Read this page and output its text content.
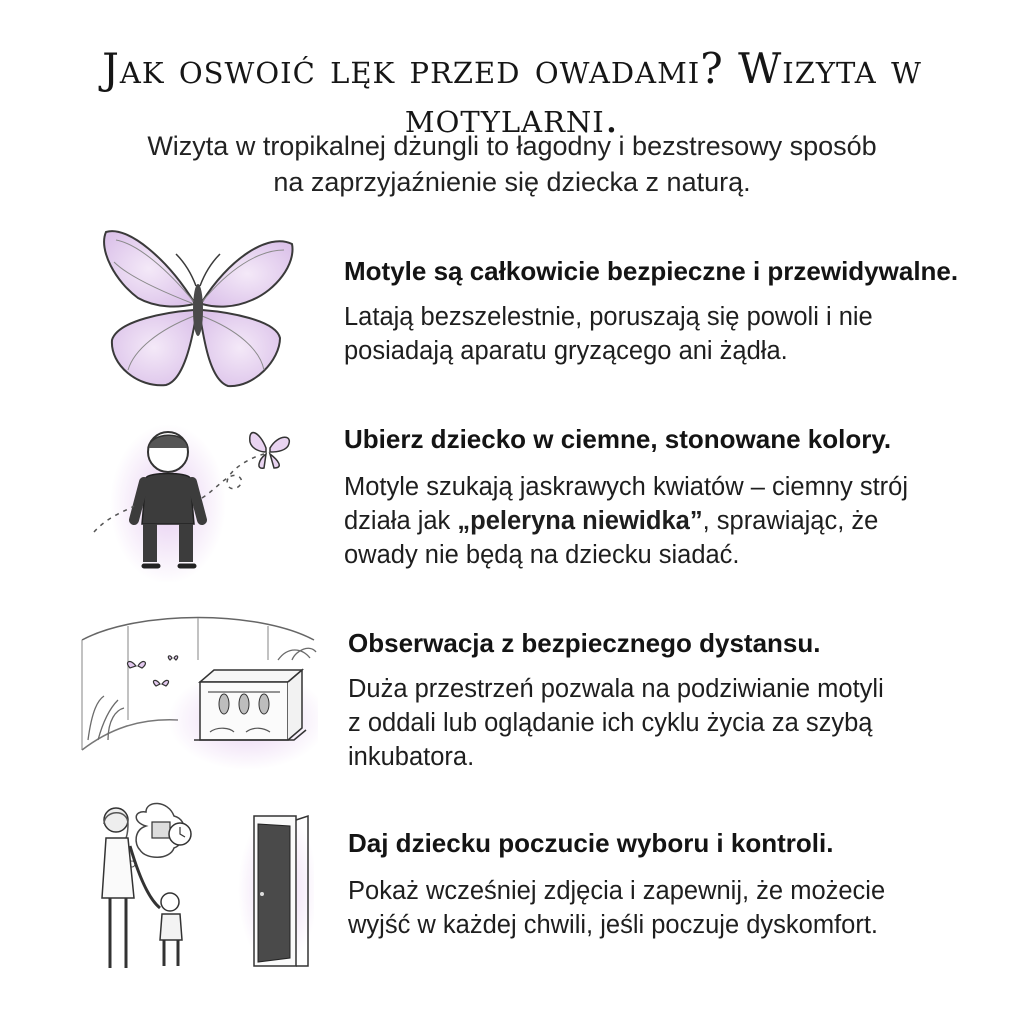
Jak oswoić lęk przed owadami? Wizyta w motylarni.
Wizyta w tropikalnej dżungli to łagodny i bezstresowy sposób
na zaprzyjaźnienie się dziecka z naturą.
Motyle są całkowicie bezpieczne i przewidywalne.
Latają bezszelestnie, poruszają się powoli i nie
posiadają aparatu gryzącego ani żądła.
Ubierz dziecko w ciemne, stonowane kolory.
Motyle szukają jaskrawych kwiatów – ciemny strój
działa jak „peleryna niewidka”, sprawiając, że
owady nie będą na dziecku siadać.
Obserwacja z bezpiecznego dystansu.
Duża przestrzeń pozwala na podziwianie motyli
z oddali lub oglądanie ich cyklu życia za szybą
inkubatora.
Daj dziecku poczucie wyboru i kontroli.
Pokaż wcześniej zdjęcia i zapewnij, że możecie
wyjść w każdej chwili, jeśli poczuje dyskomfort.
